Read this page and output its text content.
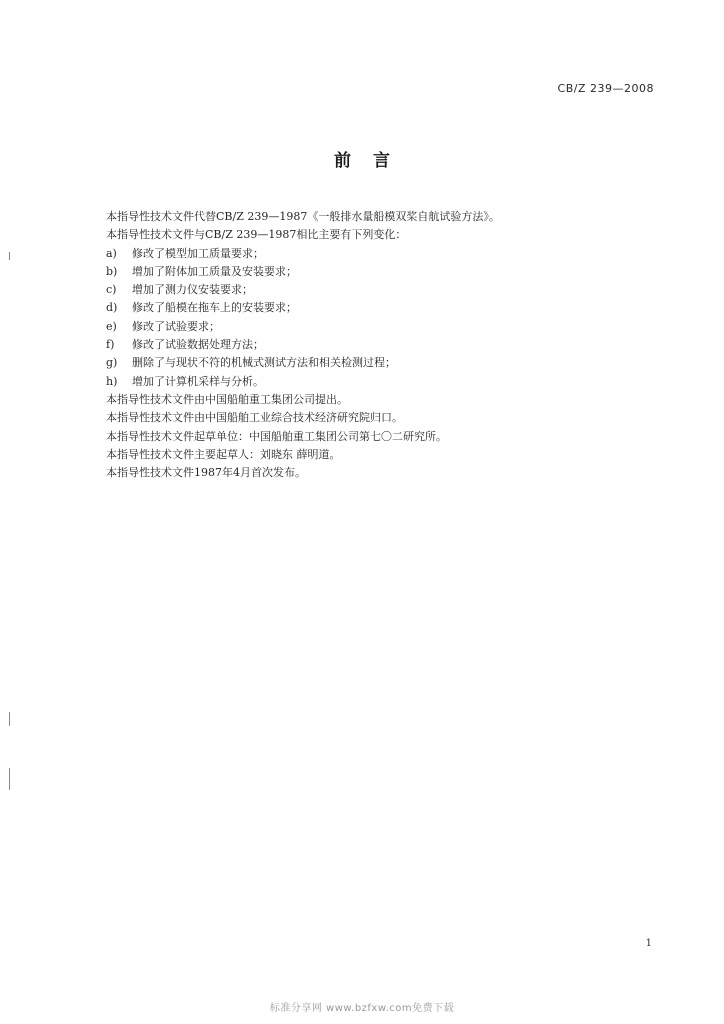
CB/Z 239—2008
前言

本指导性技术文件代替CB/Z 239—1987《一般排水量船模双桨自航试验方法》。

本指导性技术文件与CB/Z 239—1987相比主要有下列变化：

a)	修改了模型加工质量要求；
b)	增加了附体加工质量及安装要求；
c)	增加了测力仪安装要求；
d)	修改了船模在拖车上的安装要求；
e)	修改了试验要求；
f)	修改了试验数据处理方法；
g)	删除了与现状不符的机械式测试方法和相关检测过程；
h)	增加了计算机采样与分析。

本指导性技术文件由中国船舶重工集团公司提出。

本指导性技术文件由中国船舶工业综合技术经济研究院归口。

本指导性技术文件起草单位：中国船舶重工集团公司第七〇二研究所。

本指导性技术文件主要起草人：刘晓东 薛明道。

本指导性技术文件1987年4月首次发布。

1
标准分享网 www.bzfxw.com免费下载
